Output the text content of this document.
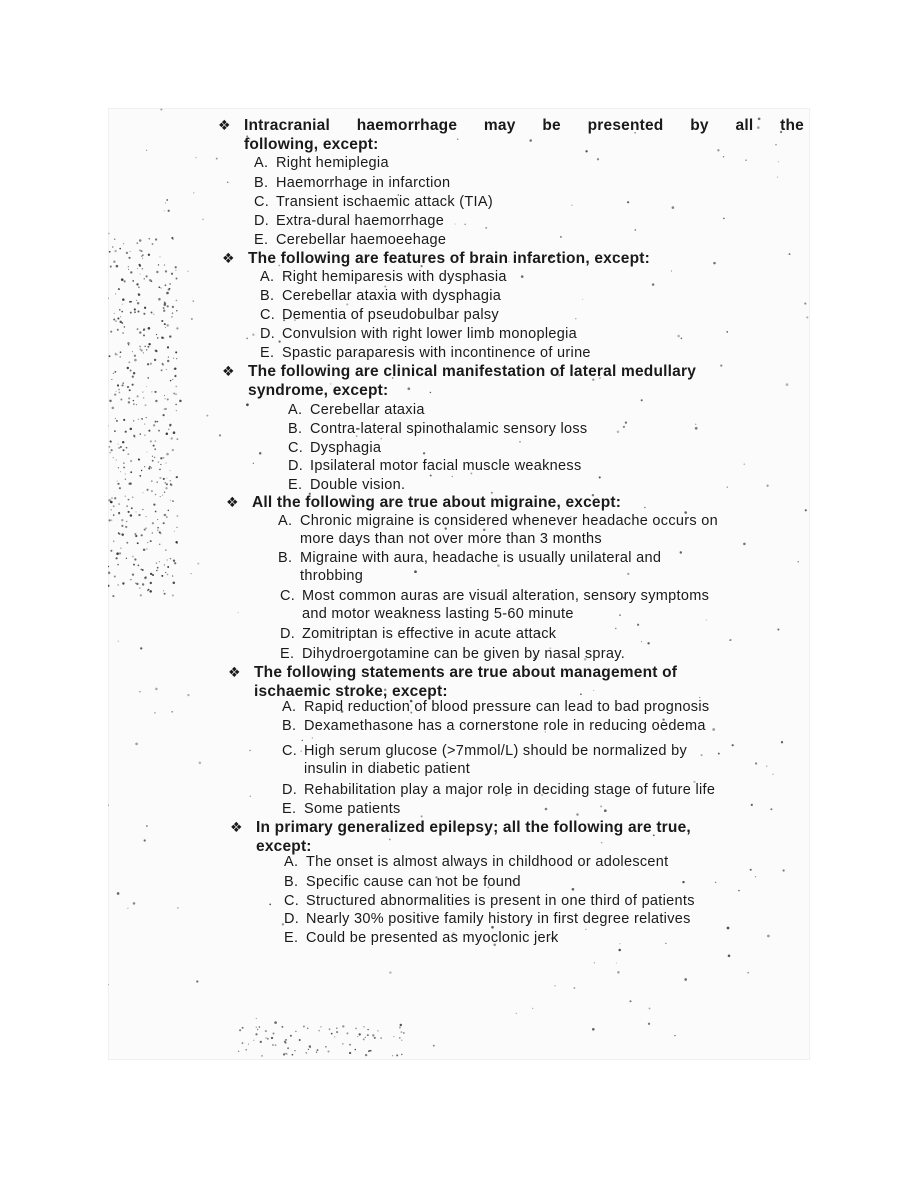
❖ Intracranial haemorrhage may be presented by all the
following, except:
A. Right hemiplegia
B. Haemorrhage in infarction
C. Transient ischaemic attack (TIA)
D. Extra-dural haemorrhage
E. Cerebellar haemoeehage
❖ The following are features of brain infarction, except:
A. Right hemiparesis with dysphasia
B. Cerebellar ataxia with dysphagia
C. Dementia of pseudobulbar palsy
D. Convulsion with right lower limb monoplegia
E. Spastic paraparesis with incontinence of urine
❖ The following are clinical manifestation of lateral medullary
syndrome, except:
A. Cerebellar ataxia
B. Contra-lateral spinothalamic sensory loss
C. Dysphagia
D. Ipsilateral motor facial muscle weakness
E. Double vision.
❖ All the following are true about migraine, except:
A. Chronic migraine is considered whenever headache occurs on
more days than not over more than 3 months
B. Migraine with aura, headache is usually unilateral and
throbbing
C. Most common auras are visual alteration, sensory symptoms
and motor weakness lasting 5-60 minute
D. Zomitriptan is effective in acute attack
E. Dihydroergotamine can be given by nasal spray.
❖ The following statements are true about management of
ischaemic stroke, except:
A. Rapid reduction of blood pressure can lead to bad prognosis
B. Dexamethasone has a cornerstone role in reducing oedema
C. High serum glucose (>7mmol/L) should be normalized by
insulin in diabetic patient
D. Rehabilitation play a major role in deciding stage of future life
E. Some patients
❖ In primary generalized epilepsy; all the following are true,
except:
A. The onset is almost always in childhood or adolescent
B. Specific cause can not be found
C. Structured abnormalities is present in one third of patients
D. Nearly 30% positive family history in first degree relatives
E. Could be presented as myoclonic jerk
